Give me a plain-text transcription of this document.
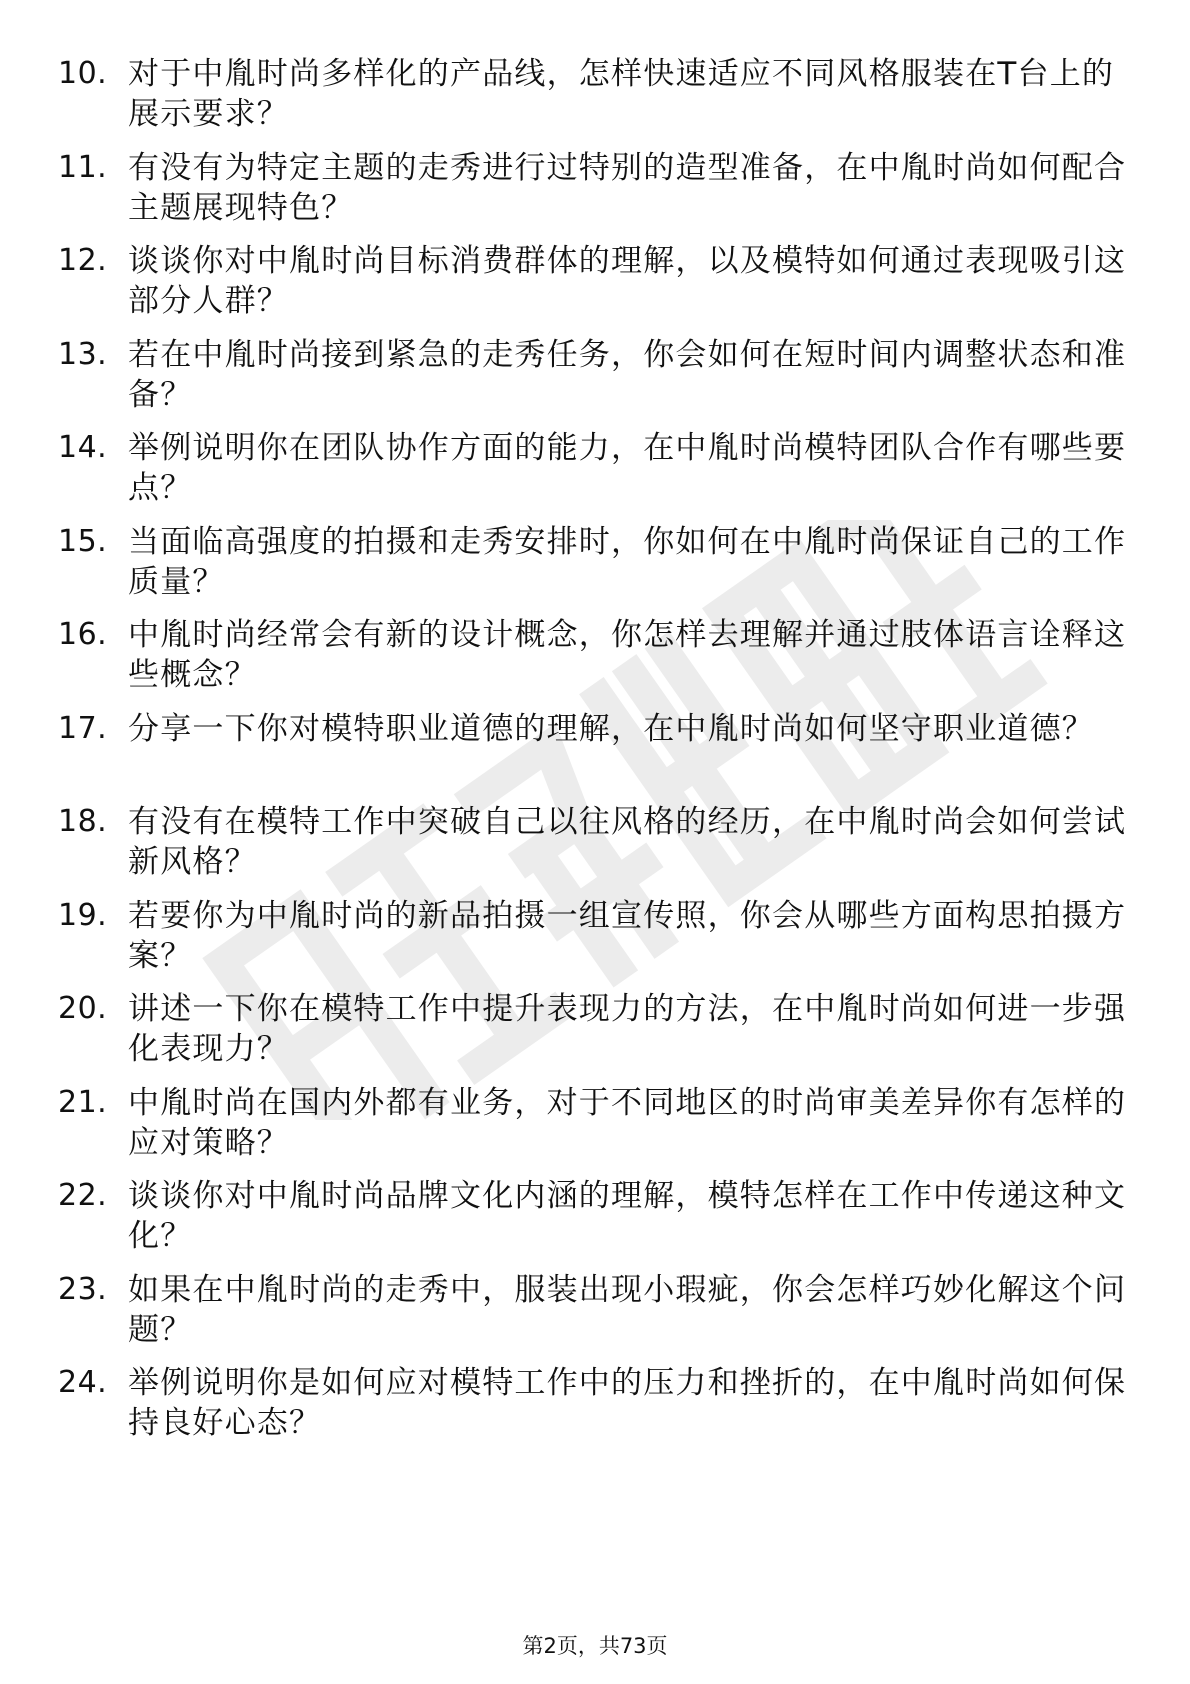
10. 对于中胤时尚多样化的产品线，怎样快速适应不同风格服装在T台上的展示要求？
11. 有没有为特定主题的走秀进行过特别的造型准备，在中胤时尚如何配合主题展现特色？
12. 谈谈你对中胤时尚目标消费群体的理解，以及模特如何通过表现吸引这部分人群？
13. 若在中胤时尚接到紧急的走秀任务，你会如何在短时间内调整状态和准备？
14. 举例说明你在团队协作方面的能力，在中胤时尚模特团队合作有哪些要点？
15. 当面临高强度的拍摄和走秀安排时，你如何在中胤时尚保证自己的工作质量？
16. 中胤时尚经常会有新的设计概念，你怎样去理解并通过肢体语言诠释这些概念？
17. 分享一下你对模特职业道德的理解，在中胤时尚如何坚守职业道德？
18. 有没有在模特工作中突破自己以往风格的经历，在中胤时尚会如何尝试新风格？
19. 若要你为中胤时尚的新品拍摄一组宣传照，你会从哪些方面构思拍摄方案？
20. 讲述一下你在模特工作中提升表现力的方法，在中胤时尚如何进一步强化表现力？
21. 中胤时尚在国内外都有业务，对于不同地区的时尚审美差异你有怎样的应对策略？
22. 谈谈你对中胤时尚品牌文化内涵的理解，模特怎样在工作中传递这种文化？
23. 如果在中胤时尚的走秀中，服装出现小瑕疵，你会怎样巧妙化解这个问题？
24. 举例说明你是如何应对模特工作中的压力和挫折的，在中胤时尚如何保持良好心态？
第2页，共73页
